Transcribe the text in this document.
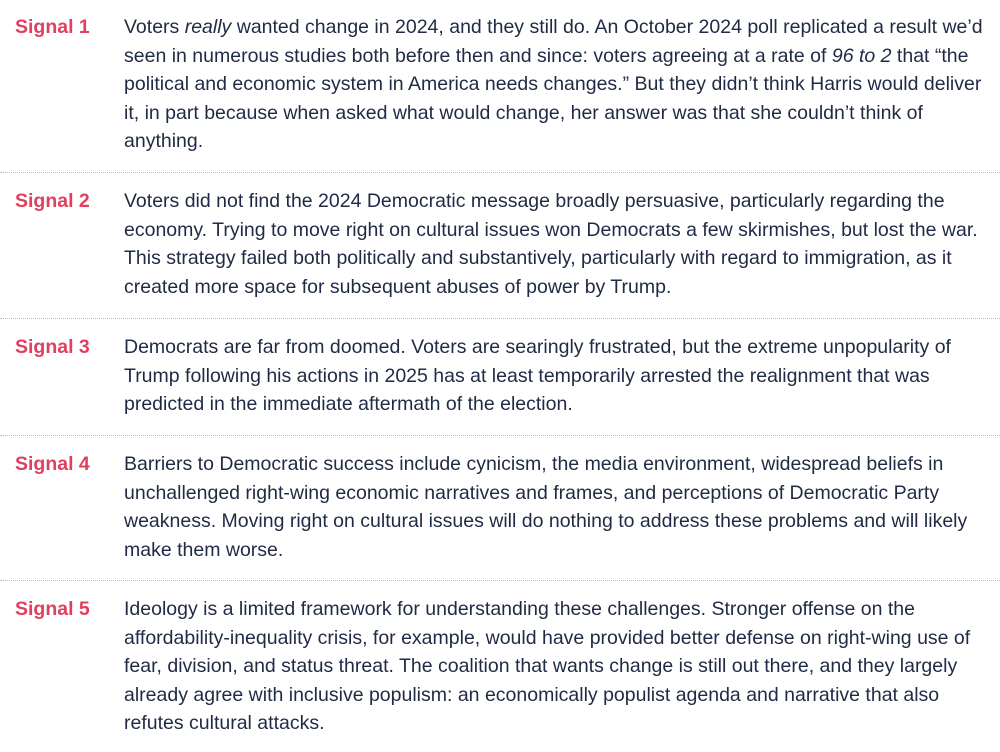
Signal 1	Voters really wanted change in 2024, and they still do. An October 2024 poll replicated a result we’d seen in numerous studies both before then and since: voters agreeing at a rate of 96 to 2 that “the political and economic system in America needs changes.” But they didn’t think Harris would deliver it, in part because when asked what would change, her answer was that she couldn’t think of anything.
Signal 2	Voters did not find the 2024 Democratic message broadly persuasive, particularly regarding the economy. Trying to move right on cultural issues won Democrats a few skirmishes, but lost the war. This strategy failed both politically and substantively, particularly with regard to immigration, as it created more space for subsequent abuses of power by Trump.
Signal 3	Democrats are far from doomed. Voters are searingly frustrated, but the extreme unpopularity of Trump following his actions in 2025 has at least temporarily arrested the realignment that was predicted in the immediate aftermath of the election.
Signal 4	Barriers to Democratic success include cynicism, the media environment, widespread beliefs in unchallenged right-wing economic narratives and frames, and perceptions of Democratic Party weakness. Moving right on cultural issues will do nothing to address these problems and will likely make them worse.
Signal 5	Ideology is a limited framework for understanding these challenges. Stronger offense on the affordability-inequality crisis, for example, would have provided better defense on right-wing use of fear, division, and status threat. The coalition that wants change is still out there, and they largely already agree with inclusive populism: an economically populist agenda and narrative that also refutes cultural attacks.
